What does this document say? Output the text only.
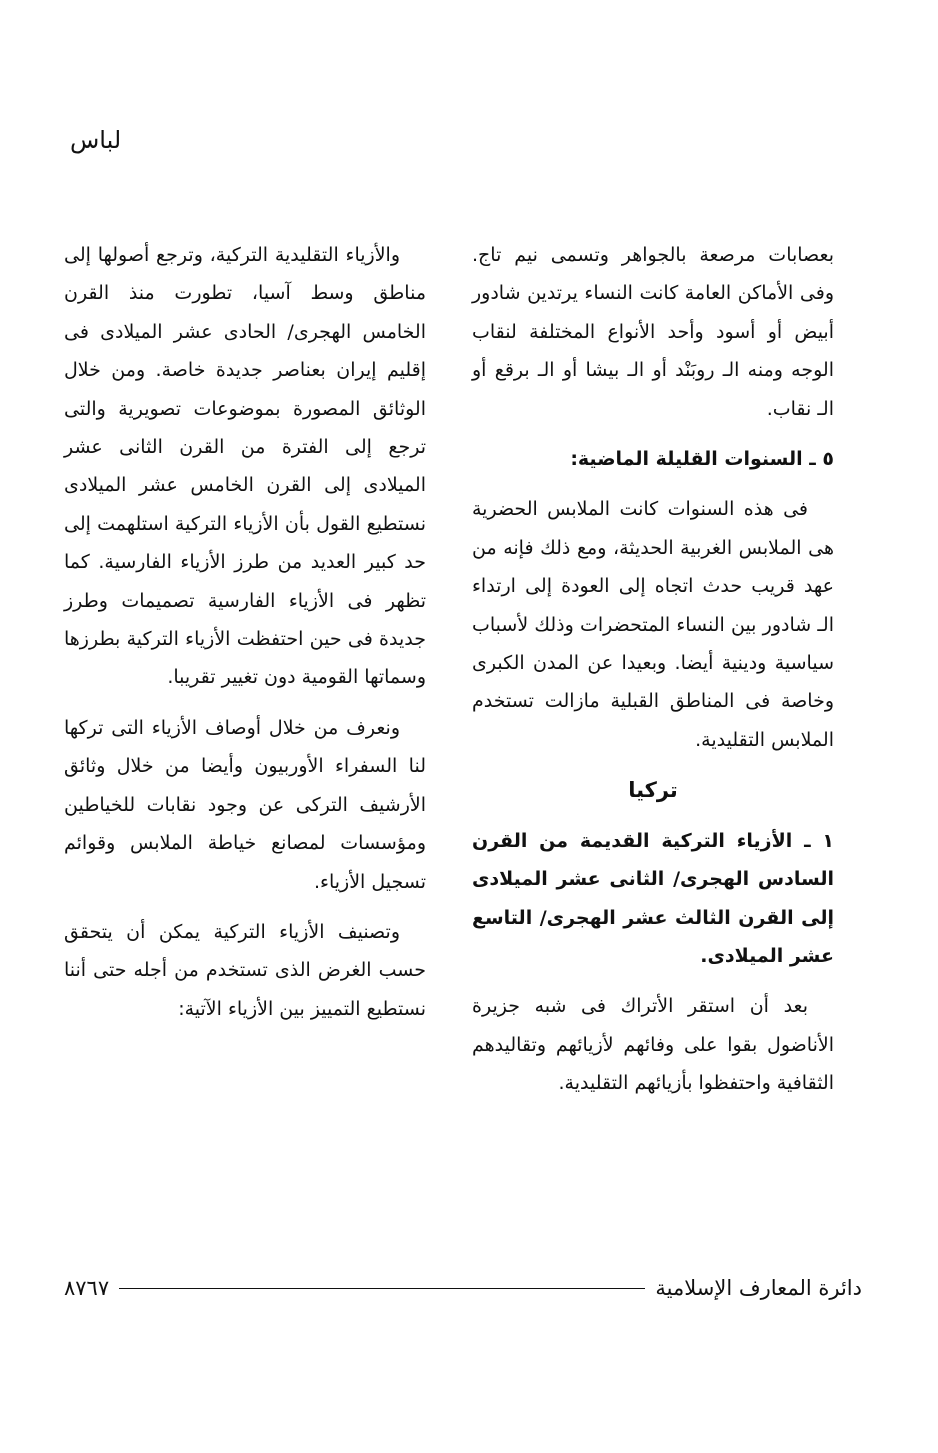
لباس

بعصابات مرصعة بالجواهر وتسمى نيم تاج. وفى الأماكن العامة كانت النساء يرتدين شادور أبيض أو أسود وأحد الأنواع المختلفة لنقاب الوجه ومنه الـ روبَنْد أو الـ بيشا أو الـ برقع أو الـ نقاب.

٥ ـ السنوات القليلة الماضية:

فى هذه السنوات كانت الملابس الحضرية هى الملابس الغربية الحديثة، ومع ذلك فإنه من عهد قريب حدث اتجاه إلى العودة إلى ارتداء الـ شادور بين النساء المتحضرات وذلك لأسباب سياسية ودينية أيضا. وبعيدا عن المدن الكبرى وخاصة فى المناطق القبلية مازالت تستخدم الملابس التقليدية.

تركيا

١ ـ الأزياء التركية القديمة من القرن السادس الهجرى/ الثانى عشر الميلادى إلى القرن الثالث عشر الهجرى/ التاسع عشر الميلادى.

بعد أن استقر الأتراك فى شبه جزيرة الأناضول بقوا على وفائهم لأزيائهم وتقاليدهم الثقافية واحتفظوا بأزيائهم التقليدية.

والأزياء التقليدية التركية، وترجع أصولها إلى مناطق وسط آسيا، تطورت منذ القرن الخامس الهجرى/ الحادى عشر الميلادى فى إقليم إيران بعناصر جديدة خاصة. ومن خلال الوثائق المصورة بموضوعات تصويرية والتى ترجع إلى الفترة من القرن الثانى عشر الميلادى إلى القرن الخامس عشر الميلادى نستطيع القول بأن الأزياء التركية استلهمت إلى حد كبير العديد من طرز الأزياء الفارسية. كما تظهر فى الأزياء الفارسية تصميمات وطرز جديدة فى حين احتفظت الأزياء التركية بطرزها وسماتها القومية دون تغيير تقريبا.

ونعرف من خلال أوصاف الأزياء التى تركها لنا السفراء الأوربيون وأيضا من خلال وثائق الأرشيف التركى عن وجود نقابات للخياطين ومؤسسات لمصانع خياطة الملابس وقوائم تسجيل الأزياء.

وتصنيف الأزياء التركية يمكن أن يتحقق حسب الغرض الذى تستخدم من أجله حتى أننا نستطيع التمييز بين الأزياء الآتية:

٨٧٦٧	دائرة المعارف الإسلامية
